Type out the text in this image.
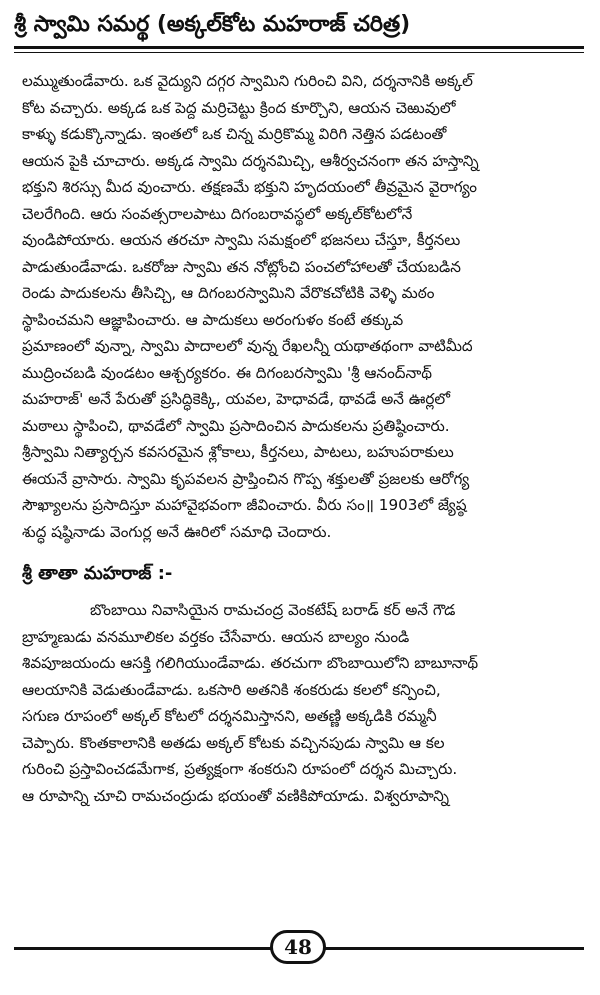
శ్రీ స్వామి సమర్థ (అక్కల్‌కోట మహరాజ్ చరిత్ర)
లమ్ముతుండేవారు. ఒక వైద్యుని దగ్గర స్వామిని గురించి విని, దర్శనానికి అక్కల్
కోట వచ్చారు. అక్కడ ఒక పెద్ద మర్రిచెట్టు క్రింద కూర్చొని, ఆయన చెఱువులో
కాళ్ళు కడుక్కొన్నాడు. ఇంతలో ఒక చిన్న మర్రికొమ్మ విరిగి నెత్తిన పడటంతో
ఆయన పైకి చూచారు. అక్కడ స్వామి దర్శనమిచ్చి, ఆశీర్వచనంగా తన హస్తాన్ని
భక్తుని శిరస్సు మీద వుంచారు. తక్షణమే భక్తుని హృదయంలో తీవ్రమైన వైరాగ్యం
చెలరేగింది. ఆరు సంవత్సరాలపాటు దిగంబరావస్థలో అక్కల్‌కోటలోనే
వుండిపోయారు. ఆయన తరచూ స్వామి సమక్షంలో భజనలు చేస్తూ, కీర్తనలు
పాడుతుండేవాడు. ఒకరోజు స్వామి తన నోట్లోంచి పంచలోహాలతో చేయబడిన
రెండు పాదుకలను తీసిచ్చి, ఆ దిగంబరస్వామిని వేరొకచోటికి వెళ్ళి మఠం
స్థాపించమని ఆజ్ఞాపించారు. ఆ పాదుకలు అరంగుళం కంటే తక్కువ
ప్రమాణంలో వున్నా, స్వామి పాదాలలో వున్న రేఖలన్నీ యథాతథంగా వాటిమీద
ముద్రించబడి వుండటం ఆశ్చర్యకరం. ఈ దిగంబరస్వామి 'శ్రీ ఆనంద్‌నాథ్
మహరాజ్' అనే పేరుతో ప్రసిద్ధికెక్కి, యవల, హెధావడే, థావడే అనే ఊర్లలో
మఠాలు స్థాపించి, థావడేలో స్వామి ప్రసాదించిన పాదుకలను ప్రతిష్ఠించారు.
శ్రీస్వామి నిత్యార్చన కవసరమైన శ్లోకాలు, కీర్తనలు, పాటలు, బహుపరాకులు
ఈయనే వ్రాసారు. స్వామి కృపవలన ప్రాప్తించిన గొప్ప శక్తులతో ప్రజలకు ఆరోగ్య
సౌఖ్యాలను ప్రసాదిస్తూ మహావైభవంగా జీవించారు. వీరు సం॥ 1903లో జ్యేష్ఠ
శుద్ధ షష్ఠినాడు వెంగుర్ల అనే ఊరిలో సమాధి చెందారు.
శ్రీ తాతా మహరాజ్ :-
బొంబాయి నివాసియైన రామచంద్ర వెంకటేష్ బరాడ్ కర్ అనే గౌడ
బ్రాహ్మణుడు వనమూలికల వర్తకం చేసేవారు. ఆయన బాల్యం నుండి
శివపూజయందు ఆసక్తి గలిగియుండేవాడు. తరచుగా బొంబాయిలోని బాబూనాథ్
ఆలయానికి వెడుతుండేవాడు. ఒకసారి అతనికి శంకరుడు కలలో కన్పించి,
సగుణ రూపంలో అక్కల్ కోటలో దర్శనమిస్తానని, అతణ్ణి అక్కడికి రమ్మనీ
చెప్పారు. కొంతకాలానికి అతడు అక్కల్ కోటకు వచ్చినపుడు స్వామి ఆ కల
గురించి ప్రస్తావించడమేగాక, ప్రత్యక్షంగా శంకరుని రూపంలో దర్శన మిచ్చారు.
ఆ రూపాన్ని చూచి రామచంద్రుడు భయంతో వణికిపోయాడు. విశ్వరూపాన్ని
48
